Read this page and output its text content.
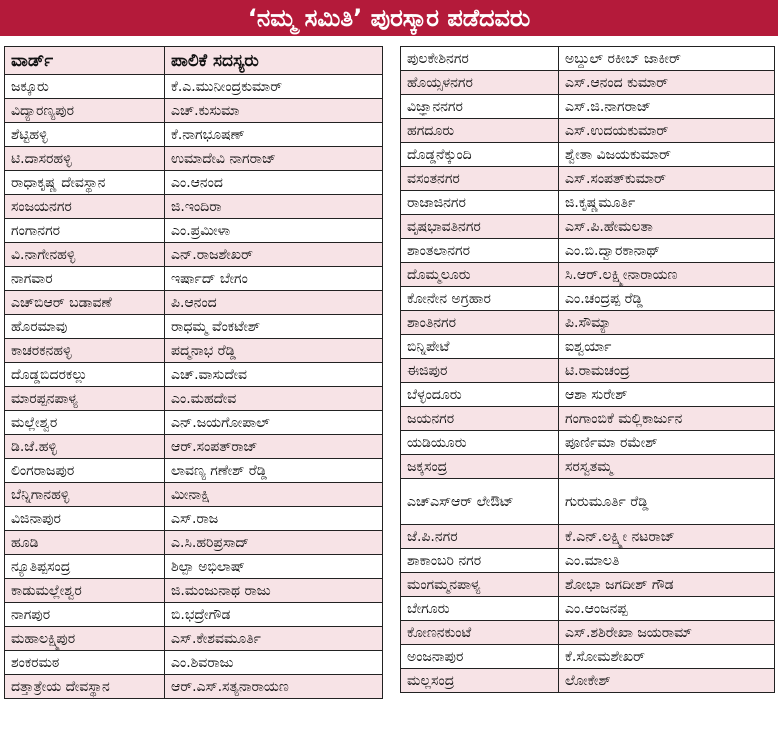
‘ನಮ್ಮ ಸಮಿತಿ’ ಪುರಸ್ಕಾರ ಪಡೆದವರು
ವಾರ್ಡ್	ಪಾಲಿಕೆ ಸದಸ್ಯರು
ಜಕ್ಕೂರು	ಕೆ.ಎ.ಮುನೀಂದ್ರಕುಮಾರ್
ವಿದ್ಯಾರಣ್ಯಪುರ	ಎಚ್.ಕುಸುಮಾ
ಶೆಟ್ಟಿಹಳ್ಳಿ	ಕೆ.ನಾಗಭೂಷಣ್
ಟಿ.ದಾಸರಹಳ್ಳಿ	ಉಮಾದೇವಿ ನಾಗರಾಜ್
ರಾಧಾಕೃಷ್ಣ ದೇವಸ್ಥಾನ	ಎಂ.ಆನಂದ
ಸಂಜಯನಗರ	ಜಿ.ಇಂದಿರಾ
ಗಂಗಾನಗರ	ಎಂ.ಪ್ರಮೀಳಾ
ವಿ.ನಾಗೇನಹಳ್ಳಿ	ಎನ್.ರಾಜಶೇಖರ್
ನಾಗವಾರ	ಇರ್ಷಾದ್ ಬೇಗಂ
ಎಚ್‌ಬಿಆರ್ ಬಡಾವಣೆ	ಪಿ.ಆನಂದ
ಹೊರಮಾವು	ರಾಧಮ್ಮ ವೆಂಕಟೇಶ್
ಕಾಚರಕನಹಳ್ಳಿ	ಪದ್ಮನಾಭ ರೆಡ್ಡಿ
ದೊಡ್ಡಬಿದರಕಲ್ಲು	ಎಚ್.ವಾಸುದೇವ
ಮಾರಪ್ಪನಪಾಳ್ಯ	ಎಂ.ಮಹದೇವ
ಮಲ್ಲೇಶ್ವರ	ಎನ್.ಜಯಗೋಪಾಲ್
ಡಿ.ಜೆ.ಹಳ್ಳಿ	ಆರ್.ಸಂಪತ್‌ರಾಜ್
ಲಿಂಗರಾಜಪುರ	ಲಾವಣ್ಯ ಗಣೇಶ್ ರೆಡ್ಡಿ
ಬೆನ್ನಿಗಾನಹಳ್ಳಿ	ಮೀನಾಕ್ಷಿ
ವಿಜಿನಾಪುರ	ಎಸ್.ರಾಜ
ಹೂಡಿ	ಎ.ಸಿ.ಹರಿಪ್ರಸಾದ್
ನ್ಯೂತಿಪ್ಪಸಂದ್ರ	ಶಿಲ್ಪಾ ಅಭಿಲಾಷ್
ಕಾಡುಮಲ್ಲೇಶ್ವರ	ಜಿ.ಮಂಜುನಾಥ ರಾಜು
ನಾಗಪುರ	ಬಿ.ಭದ್ರೇಗೌಡ
ಮಹಾಲಕ್ಷ್ಮಿಪುರ	ಎಸ್.ಕೇಶವಮೂರ್ತಿ
ಶಂಕರಮಠ	ಎಂ.ಶಿವರಾಜು
ದತ್ತಾತ್ರೇಯ ದೇವಸ್ಥಾನ	ಆರ್.ಎಸ್.ಸತ್ಯನಾರಾಯಣ
ಪುಲಕೇಶಿನಗರ	ಅಬ್ದುಲ್ ರಕೀಬ್ ಜಾಕೀರ್
ಹೊಯ್ಸಳನಗರ	ಎಸ್.ಆನಂದ ಕುಮಾರ್
ವಿಜ್ಞಾನನಗರ	ಎಸ್.ಜಿ.ನಾಗರಾಜ್
ಹಗದೂರು	ಎಸ್.ಉದಯಕುಮಾರ್
ದೊಡ್ಡನೆಕ್ಕುಂದಿ	ಶ್ವೇತಾ ವಿಜಯಕುಮಾರ್
ವಸಂತನಗರ	ಎಸ್.ಸಂಪತ್‌ಕುಮಾರ್
ರಾಜಾಜಿನಗರ	ಜಿ.ಕೃಷ್ಣಮೂರ್ತಿ
ವೃಷಭಾವತಿನಗರ	ಎಸ್.ಪಿ.ಹೇಮಲತಾ
ಶಾಂತಲಾನಗರ	ಎಂ.ಬಿ.ದ್ವಾರಕಾನಾಥ್
ದೊಮ್ಮಲೂರು	ಸಿ.ಆರ್.ಲಕ್ಷ್ಮೀನಾರಾಯಣ
ಕೋನೇನ ಅಗ್ರಹಾರ	ಎಂ.ಚಂದ್ರಪ್ಪ ರೆಡ್ಡಿ
ಶಾಂತಿನಗರ	ಪಿ.ಸೌಮ್ಯಾ
ಬಿನ್ನಿಪೇಟೆ	ಐಶ್ವರ್ಯಾ
ಈಜಿಪುರ	ಟಿ.ರಾಮಚಂದ್ರ
ಬೆಳ್ಳಂದೂರು	ಆಶಾ ಸುರೇಶ್
ಜಯನಗರ	ಗಂಗಾಂಬಿಕೆ ಮಲ್ಲಿಕಾರ್ಜುನ
ಯಡಿಯೂರು	ಪೂರ್ಣಿಮಾ ರಮೇಶ್
ಜಕ್ಕಸಂದ್ರ	ಸರಸ್ವತಮ್ಮ
ಎಚ್ಎಸ್ಆರ್ ಲೇಔಟ್	ಗುರುಮೂರ್ತಿ ರೆಡ್ಡಿ
ಜೆ.ಪಿ.ನಗರ	ಕೆ.ಎನ್.ಲಕ್ಷ್ಮೀ ನಟರಾಜ್
ಶಾಕಾಂಬರಿ ನಗರ	ಎಂ.ಮಾಲತಿ
ಮಂಗಮ್ಮನಪಾಳ್ಯ	ಶೋಭಾ ಜಗದೀಶ್ ಗೌಡ
ಬೇಗೂರು	ಎಂ.ಆಂಜನಪ್ಪ
ಕೋಣನಕುಂಟೆ	ಎಸ್.ಶಶಿರೇಖಾ ಜಯರಾಮ್
ಅಂಜನಾಪುರ	ಕೆ.ಸೋಮಶೇಖರ್
ಮಲ್ಲಸಂದ್ರ	ಲೋಕೇಶ್
